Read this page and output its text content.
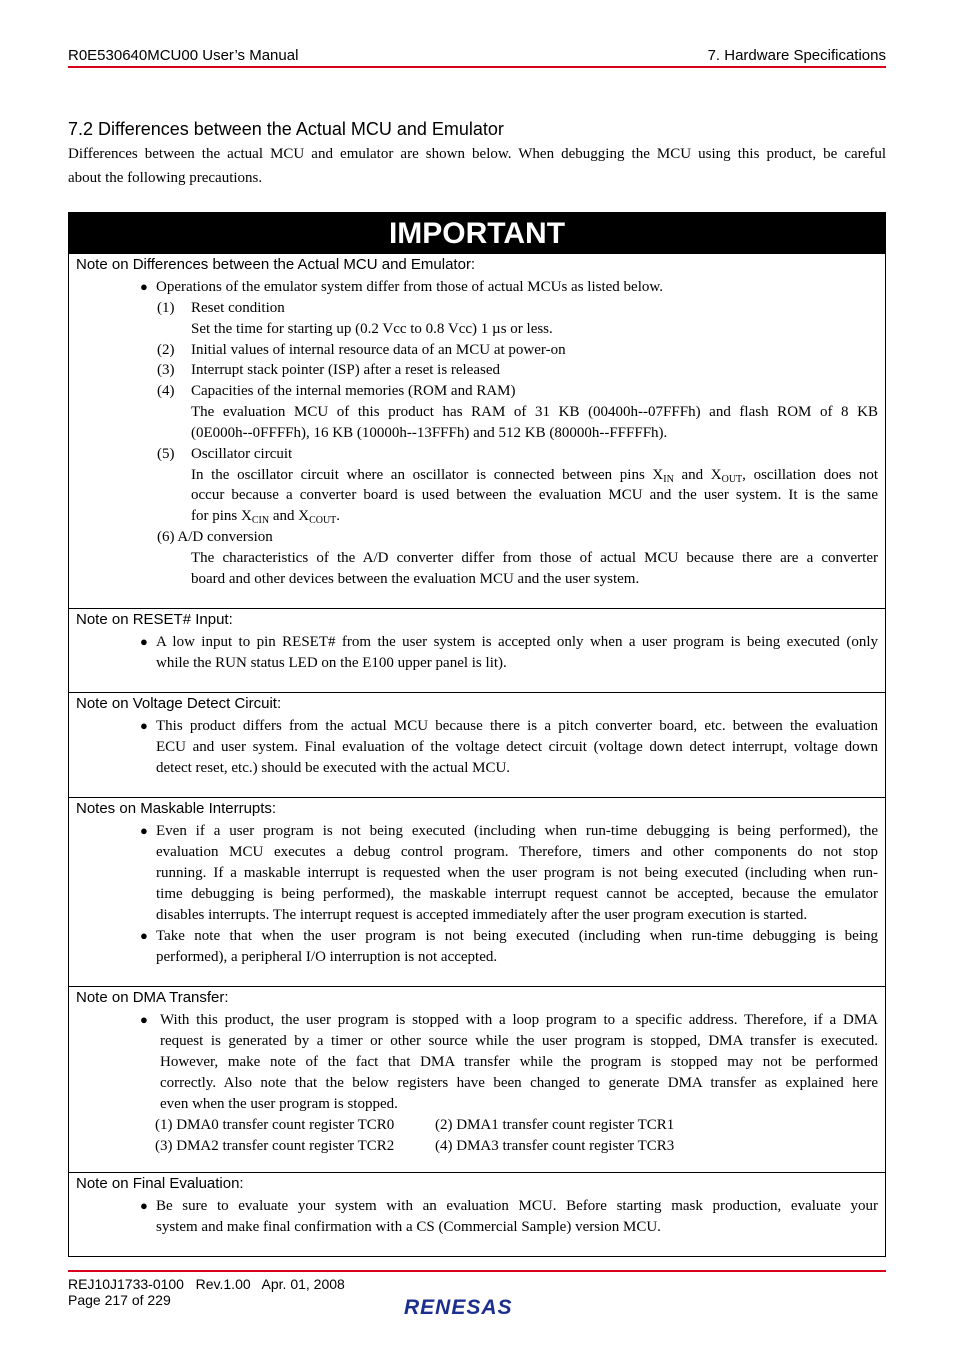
R0E530640MCU00 User’s Manual	7. Hardware Specifications
7.2 Differences between the Actual MCU and Emulator
Differences between the actual MCU and emulator are shown below. When debugging the MCU using this product, be careful
about the following precautions.
IMPORTANT
Note on Differences between the Actual MCU and Emulator:
● Operations of the emulator system differ from those of actual MCUs as listed below.
(1) Reset condition
Set the time for starting up (0.2 Vcc to 0.8 Vcc) 1 µs or less.
(2) Initial values of internal resource data of an MCU at power-on
(3) Interrupt stack pointer (ISP) after a reset is released
(4) Capacities of the internal memories (ROM and RAM)
The evaluation MCU of this product has RAM of 31 KB (00400h--07FFFh) and flash ROM of 8 KB
(0E000h--0FFFFh), 16 KB (10000h--13FFFh) and 512 KB (80000h--FFFFFh).
(5) Oscillator circuit
In the oscillator circuit where an oscillator is connected between pins $X_{IN}$ and $X_{OUT}$, oscillation does not
occur because a converter board is used between the evaluation MCU and the user system. It is the same
for pins $X_{CIN}$ and $X_{COUT}$.
(6) A/D conversion
The characteristics of the A/D converter differ from those of actual MCU because there are a converter
board and other devices between the evaluation MCU and the user system.
Note on RESET# Input:
● A low input to pin RESET# from the user system is accepted only when a user program is being executed (only
while the RUN status LED on the E100 upper panel is lit).
Note on Voltage Detect Circuit:
● This product differs from the actual MCU because there is a pitch converter board, etc. between the evaluation
ECU and user system. Final evaluation of the voltage detect circuit (voltage down detect interrupt, voltage down
detect reset, etc.) should be executed with the actual MCU.
Notes on Maskable Interrupts:
● Even if a user program is not being executed (including when run-time debugging is being performed), the
evaluation MCU executes a debug control program. Therefore, timers and other components do not stop
running. If a maskable interrupt is requested when the user program is not being executed (including when run-
time debugging is being performed), the maskable interrupt request cannot be accepted, because the emulator
disables interrupts. The interrupt request is accepted immediately after the user program execution is started.
● Take note that when the user program is not being executed (including when run-time debugging is being
performed), a peripheral I/O interruption is not accepted.
Note on DMA Transfer:
● With this product, the user program is stopped with a loop program to a specific address. Therefore, if a DMA
request is generated by a timer or other source while the user program is stopped, DMA transfer is executed.
However, make note of the fact that DMA transfer while the program is stopped may not be performed
correctly. Also note that the below registers have been changed to generate DMA transfer as explained here
even when the user program is stopped.
(1) DMA0 transfer count register TCR0	(2) DMA1 transfer count register TCR1
(3) DMA2 transfer count register TCR2	(4) DMA3 transfer count register TCR3
Note on Final Evaluation:
● Be sure to evaluate your system with an evaluation MCU. Before starting mask production, evaluate your
system and make final confirmation with a CS (Commercial Sample) version MCU.
REJ10J1733-0100   Rev.1.00   Apr. 01, 2008
Page 217 of 229	RENESAS
